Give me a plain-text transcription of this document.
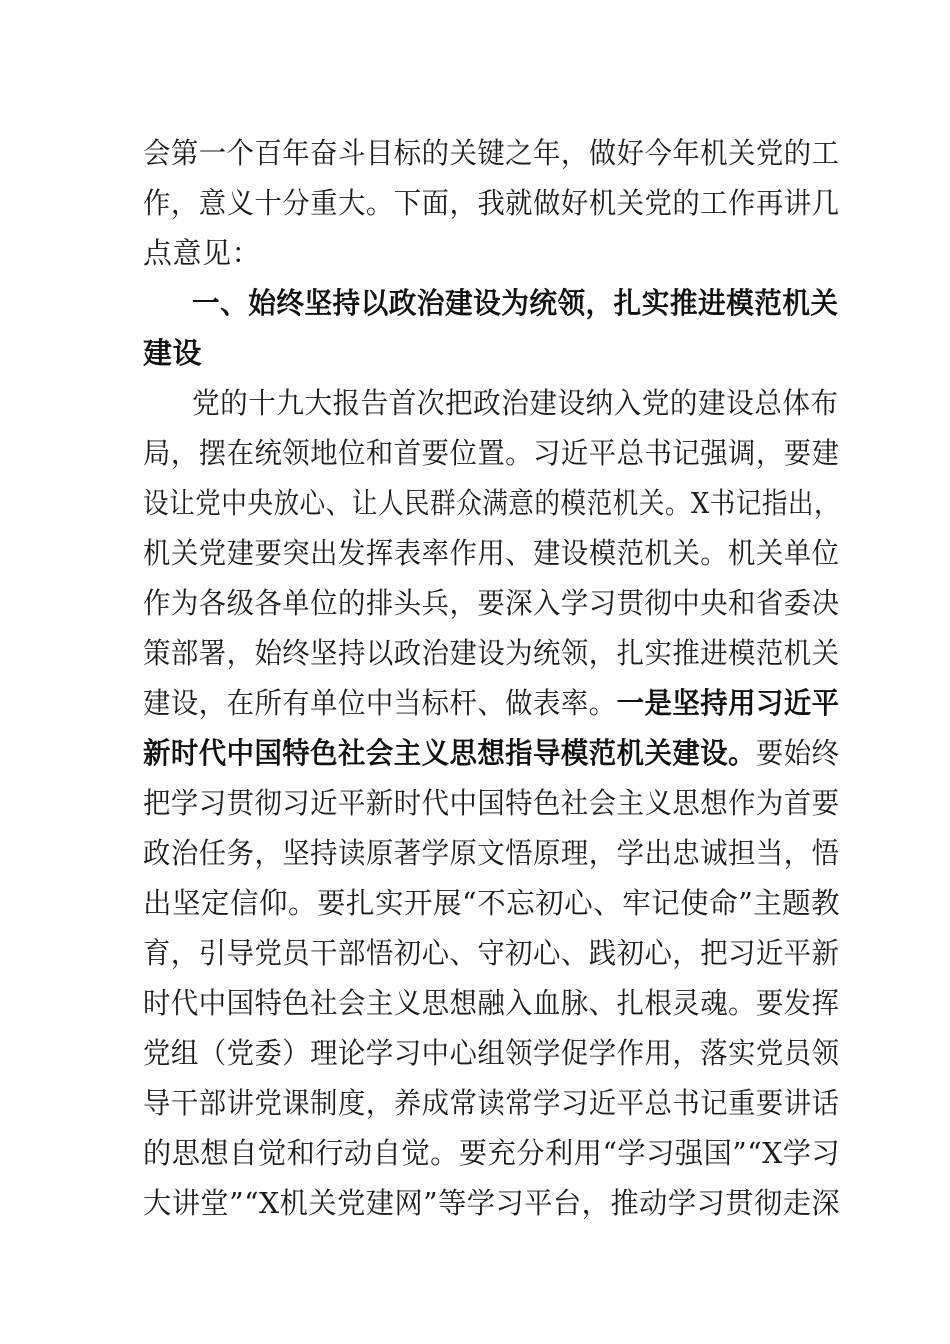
会第一个百年奋斗目标的关键之年，做好今年机关党的工
作，意义十分重大。下面，我就做好机关党的工作再讲几
点意见：
一、始终坚持以政治建设为统领，扎实推进模范机关
建设
党的十九大报告首次把政治建设纳入党的建设总体布
局，摆在统领地位和首要位置。习近平总书记强调，要建
设让党中央放心、让人民群众满意的模范机关。X书记指出，
机关党建要突出发挥表率作用、建设模范机关。机关单位
作为各级各单位的排头兵，要深入学习贯彻中央和省委决
策部署，始终坚持以政治建设为统领，扎实推进模范机关
建设，在所有单位中当标杆、做表率。一是坚持用习近平
新时代中国特色社会主义思想指导模范机关建设。要始终
把学习贯彻习近平新时代中国特色社会主义思想作为首要
政治任务，坚持读原著学原文悟原理，学出忠诚担当，悟
出坚定信仰。要扎实开展“不忘初心、牢记使命”主题教
育，引导党员干部悟初心、守初心、践初心，把习近平新
时代中国特色社会主义思想融入血脉、扎根灵魂。要发挥
党组（党委）理论学习中心组领学促学作用，落实党员领
导干部讲党课制度，养成常读常学习近平总书记重要讲话
的思想自觉和行动自觉。要充分利用“学习强国”“X学习
大讲堂”“X机关党建网”等学习平台，推动学习贯彻走深
